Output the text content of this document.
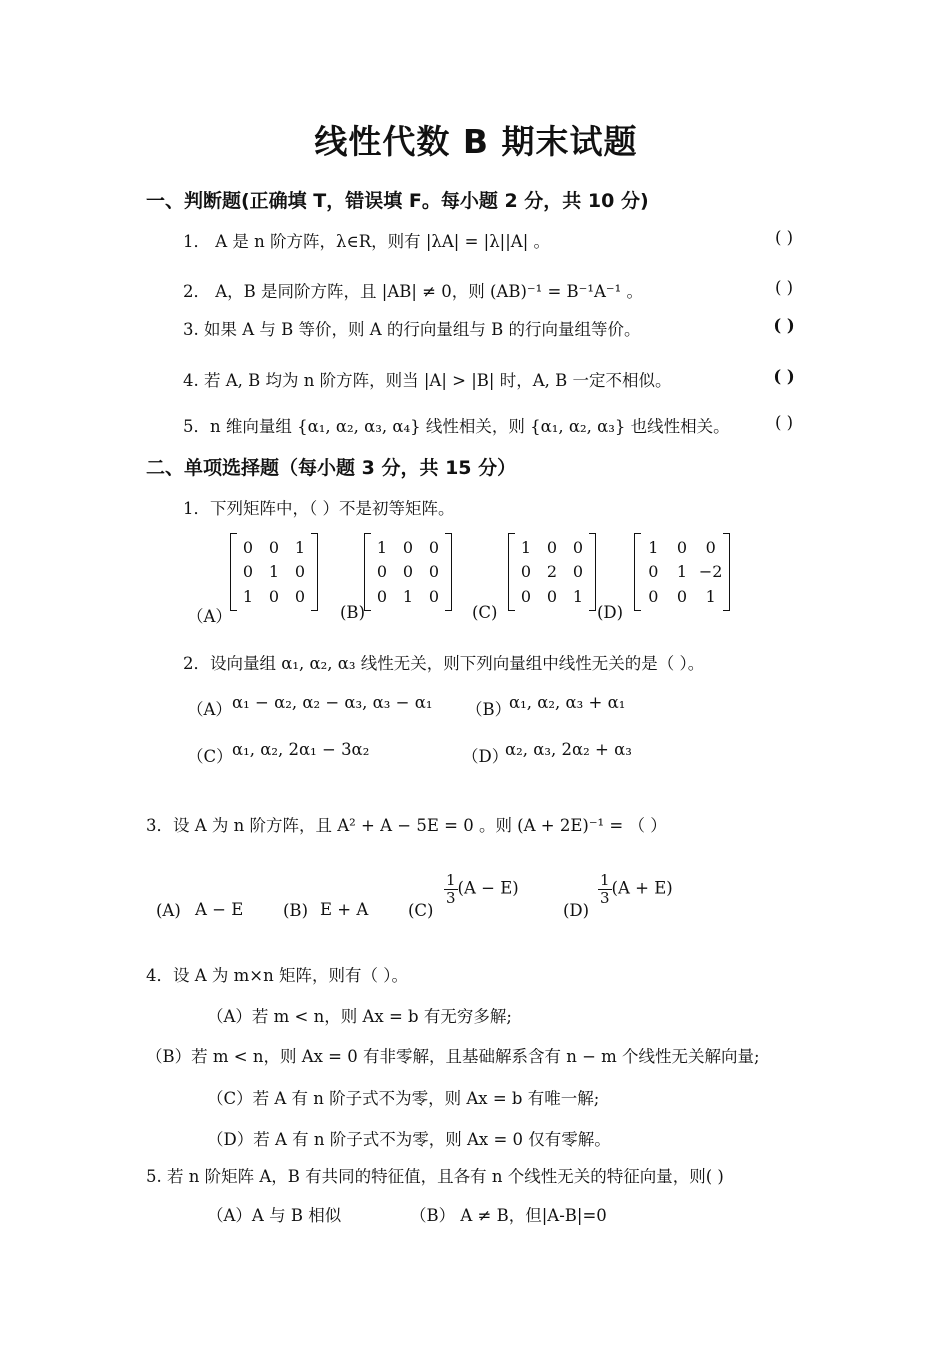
线性代数 B 期末试题
一、判断题(正确填 T，错误填 F。每小题 2 分，共 10 分)
1． A 是 n 阶方阵，λ∈R，则有 |λA| = |λ||A| 。	( )
2． A，B 是同阶方阵，且 |AB| ≠ 0，则 (AB)⁻¹ = B⁻¹A⁻¹ 。	( )
3. 如果 A 与 B 等价，则 A 的行向量组与 B 的行向量组等价。	( )
4. 若 A, B 均为 n 阶方阵，则当 |A| > |B| 时，A, B 一定不相似。	( )
5．n 维向量组 {α₁, α₂, α₃, α₄} 线性相关，则 {α₁, α₂, α₃} 也线性相关。	( )
二、单项选择题（每小题 3 分，共 15 分）
1．下列矩阵中，（ ）不是初等矩阵。
（A）
0 0 1
0 1 0
1 0 0
(B)
1 0 0
0 0 0
0 1 0
(C)
1 0 0
0 2 0
0 0 1
(D)
1	0	0
0	1 −2
0	0	1
2．设向量组 α₁, α₂, α₃ 线性无关，则下列向量组中线性无关的是（ ）。
（A） α₁ − α₂, α₂ − α₃, α₃ − α₁ （B）
α₁, α₂, α₃ + α₁
（C） α₁, α₂, 2α₁ − 3α₂	（D）
α₂, α₃, 2α₂ + α₃
3．设 A 为 n 阶方阵，且 A² + A − 5E = 0 。则 (A + 2E)⁻¹ = （ ）
(A) A − E (B) E + A (C)
$\frac{1}{3} (A - E)$
(D)
$\frac{1}{3} (A + E)$
4．设 A 为 m×n 矩阵，则有（ ）。
（A）若 m < n，则 Ax = b 有无穷多解;
（B）若 m < n，则 Ax = 0 有非零解，且基础解系含有 n − m 个线性无关解向量;
（C）若 A 有 n 阶子式不为零，则 Ax = b 有唯一解;
（D）若 A 有 n 阶子式不为零，则 Ax = 0 仅有零解。
5. 若 n 阶矩阵 A，B 有共同的特征值，且各有 n 个线性无关的特征向量，则( )
（A）A 与 B 相似	（B） A ≠ B，但|A-B|=0
